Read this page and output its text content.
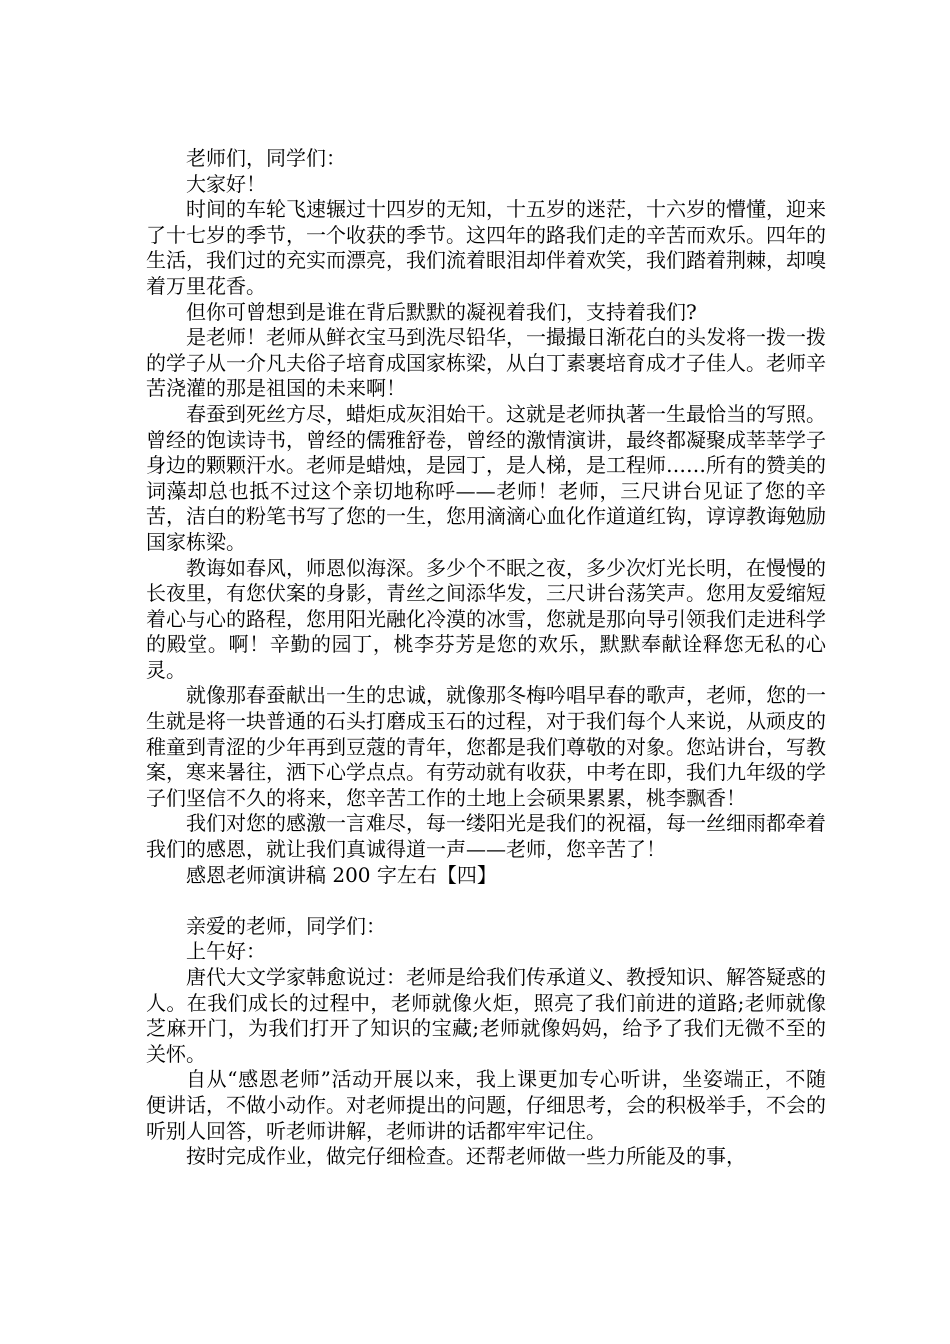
老师们，同学们：

大家好！

时间的车轮飞速辗过十四岁的无知，十五岁的迷茫，十六岁的懵懂，迎来了十七岁的季节，一个收获的季节。这四年的路我们走的辛苦而欢乐。四年的生活，我们过的充实而漂亮，我们流着眼泪却伴着欢笑，我们踏着荆棘，却嗅着万里花香。

但你可曾想到是谁在背后默默的凝视着我们，支持着我们?

是老师！老师从鲜衣宝马到洗尽铅华，一撮撮日渐花白的头发将一拨一拨的学子从一介凡夫俗子培育成国家栋梁，从白丁素裹培育成才子佳人。老师辛苦浇灌的那是祖国的未来啊！

春蚕到死丝方尽，蜡炬成灰泪始干。这就是老师执著一生最恰当的写照。曾经的饱读诗书，曾经的儒雅舒卷，曾经的激情演讲，最终都凝聚成莘莘学子身边的颗颗汗水。老师是蜡烛，是园丁，是人梯，是工程师……所有的赞美的词藻却总也抵不过这个亲切地称呼——老师！老师，三尺讲台见证了您的辛苦，洁白的粉笔书写了您的一生，您用滴滴心血化作道道红钩，谆谆教诲勉励国家栋梁。

教诲如春风，师恩似海深。多少个不眠之夜，多少次灯光长明，在慢慢的长夜里，有您伏案的身影，青丝之间添华发，三尺讲台荡笑声。您用友爱缩短着心与心的路程，您用阳光融化冷漠的冰雪，您就是那向导引领我们走进科学的殿堂。啊！辛勤的园丁，桃李芬芳是您的欢乐，默默奉献诠释您无私的心灵。

就像那春蚕献出一生的忠诚，就像那冬梅吟唱早春的歌声，老师，您的一生就是将一块普通的石头打磨成玉石的过程，对于我们每个人来说，从顽皮的稚童到青涩的少年再到豆蔻的青年，您都是我们尊敬的对象。您站讲台，写教案，寒来暑往，洒下心学点点。有劳动就有收获，中考在即，我们九年级的学子们坚信不久的将来，您辛苦工作的土地上会硕果累累，桃李飘香！

我们对您的感激一言难尽，每一缕阳光是我们的祝福，每一丝细雨都牵着我们的感恩，就让我们真诚得道一声——老师，您辛苦了！

感恩老师演讲稿 200 字左右【四】

亲爱的老师，同学们：

上午好：

唐代大文学家韩愈说过：老师是给我们传承道义、教授知识、解答疑惑的人。在我们成长的过程中，老师就像火炬，照亮了我们前进的道路;老师就像芝麻开门，为我们打开了知识的宝藏;老师就像妈妈，给予了我们无微不至的关怀。

自从“感恩老师”活动开展以来，我上课更加专心听讲，坐姿端正，不随便讲话，不做小动作。对老师提出的问题，仔细思考，会的积极举手，不会的听别人回答，听老师讲解，老师讲的话都牢牢记住。

按时完成作业，做完仔细检查。还帮老师做一些力所能及的事，
